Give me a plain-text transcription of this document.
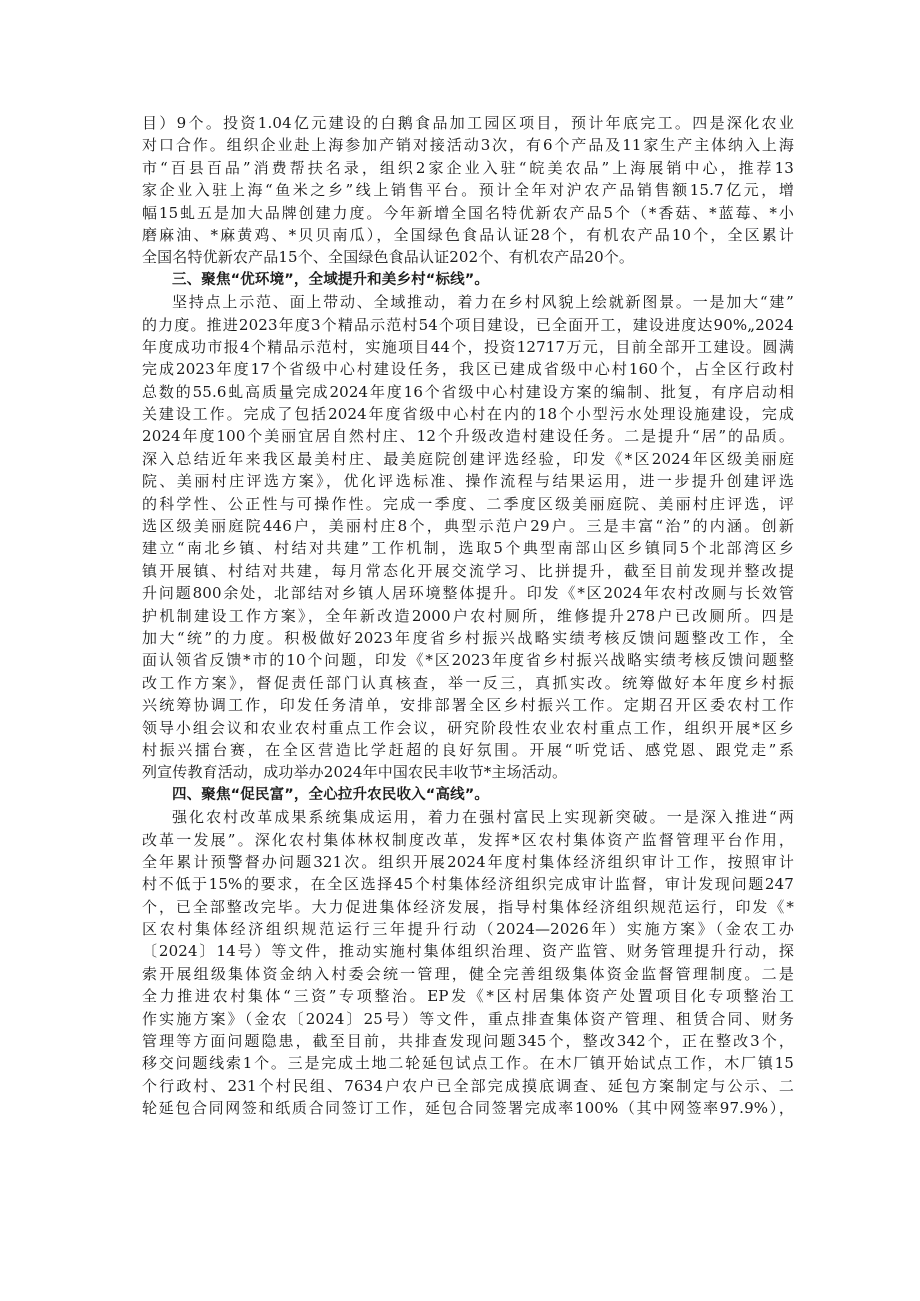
目）9个。投资1.04亿元建设的白鹅食品加工园区项目，预计年底完工。四是深化农业
对口合作。组织企业赴上海参加产销对接活动3次，有6个产品及11家生产主体纳入上海
市“百县百品”消费帮扶名录，组织2家企业入驻“皖美农品”上海展销中心，推荐13
家企业入驻上海“鱼米之乡”线上销售平台。预计全年对沪农产品销售额15.7亿元，增
幅15虬五是加大品牌创建力度。今年新增全国名特优新农产品5个（*香菇、*蓝莓、*小
磨麻油、*麻黄鸡、*贝贝南瓜），全国绿色食品认证28个，有机农产品10个，全区累计
全国名特优新农产品15个、全国绿色食品认证202个、有机农产品20个。
三、聚焦“优环境”，全域提升和美乡村“标线”。
坚持点上示范、面上带动、全域推动，着力在乡村风貌上绘就新图景。一是加大“建”
的力度。推进2023年度3个精品示范村54个项目建设，已全面开工，建设进度达90%„2024
年度成功市报4个精品示范村，实施项目44个，投资12717万元，目前全部开工建设。圆满
完成2023年度17个省级中心村建设任务，我区已建成省级中心村160个，占全区行政村
总数的55.6虬高质量完成2024年度16个省级中心村建设方案的编制、批复，有序启动相
关建设工作。完成了包括2024年度省级中心村在内的18个小型污水处理设施建设，完成
2024年度100个美丽宜居自然村庄、12个升级改造村建设任务。二是提升“居”的品质。
深入总结近年来我区最美村庄、最美庭院创建评选经验，印发《*区2024年区级美丽庭
院、美丽村庄评选方案》，优化评选标准、操作流程与结果运用，进一步提升创建评选
的科学性、公正性与可操作性。完成一季度、二季度区级美丽庭院、美丽村庄评选，评
选区级美丽庭院446户，美丽村庄8个，典型示范户29户。三是丰富“治”的内涵。创新
建立“南北乡镇、村结对共建”工作机制，选取5个典型南部山区乡镇同5个北部湾区乡
镇开展镇、村结对共建，每月常态化开展交流学习、比拼提升，截至目前发现并整改提
升问题800余处，北部结对乡镇人居环境整体提升。印发《*区2024年农村改厕与长效管
护机制建设工作方案》，全年新改造2000户农村厕所，维修提升278户已改厕所。四是
加大“统”的力度。积极做好2023年度省乡村振兴战略实绩考核反馈问题整改工作，全
面认领省反馈*市的10个问题，印发《*区2023年度省乡村振兴战略实绩考核反馈问题整
改工作方案》，督促责任部门认真核查，举一反三，真抓实改。统筹做好本年度乡村振
兴统筹协调工作，印发任务清单，安排部署全区乡村振兴工作。定期召开区委农村工作
领导小组会议和农业农村重点工作会议，研究阶段性农业农村重点工作，组织开展*区乡
村振兴擂台赛，在全区营造比学赶超的良好氛围。开展“听党话、感党恩、跟党走”系
列宣传教育活动，成功举办2024年中国农民丰收节*主场活动。
四、聚焦“促民富”，全心拉升农民收入“高线”。
强化农村改革成果系统集成运用，着力在强村富民上实现新突破。一是深入推进“两
改革一发展”。深化农村集体林权制度改革，发挥*区农村集体资产监督管理平台作用，
全年累计预警督办问题321次。组织开展2024年度村集体经济组织审计工作，按照审计
村不低于15%的要求，在全区选择45个村集体经济组织完成审计监督，审计发现问题247
个，已全部整改完毕。大力促进集体经济发展，指导村集体经济组织规范运行，印发《*
区农村集体经济组织规范运行三年提升行动（2024—2026年）实施方案》（金农工办
〔2024〕14号）等文件，推动实施村集体组织治理、资产监管、财务管理提升行动，探
索开展组级集体资金纳入村委会统一管理，健全完善组级集体资金监督管理制度。二是
全力推进农村集体“三资”专项整治。EP发《*区村居集体资产处置项目化专项整治工
作实施方案》（金农〔2024〕25号）等文件，重点排查集体资产管理、租赁合同、财务
管理等方面问题隐患，截至目前，共排查发现问题345个，整改342个，正在整改3个，
移交问题线索1个。三是完成土地二轮延包试点工作。在木厂镇开始试点工作，木厂镇15
个行政村、231个村民组、7634户农户已全部完成摸底调查、延包方案制定与公示、二
轮延包合同网签和纸质合同签订工作，延包合同签署完成率100%（其中网签率97.9%），
